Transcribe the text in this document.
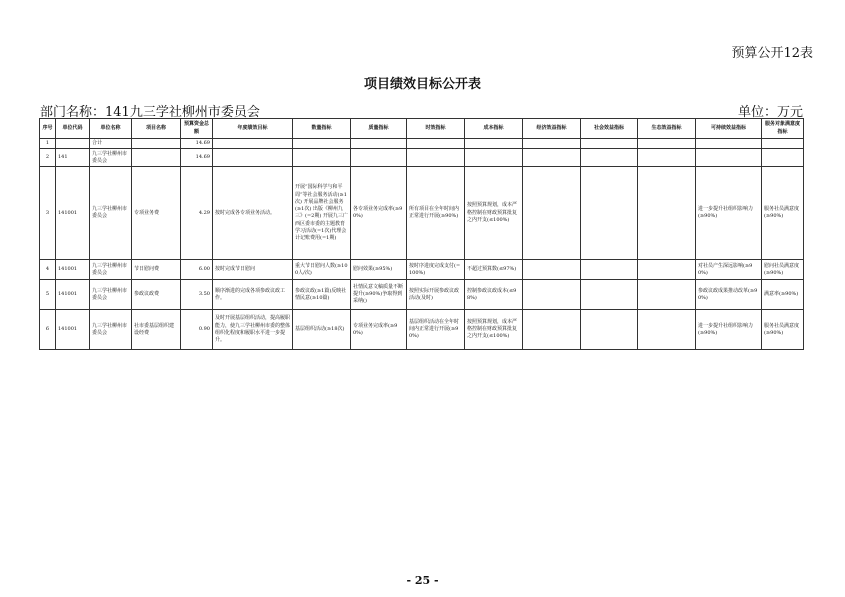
预算公开12表
项目绩效目标公开表
部门名称：141九三学社柳州市委员会	单位：万元
序号	单位代码	单位名称	项目名称	预算资金总额	年度绩效目标	数量指标	质量指标	时效指标	成本指标	经济效益指标	社会效益指标	生态效益指标	可持续效益指标	服务对象满意度指标
1		合计		14.69										
2	141	九三学社柳州市委员会		14.69										
3	141001	九三学社柳州市委员会	专项业务费	4.29	按时完成各专项业务活动。	开展“国际科学与和平周”等社会服务活动(≥1次) 开展品牌社会服务(≥1次) 出版《柳州九三》(=2期) 开展九三广西区委市委的主题教育学习活动(=1次)代理会计记账费用(=1期)	各专项业务完成率(≥90%)	所有项目在全年时间内正常进行开展(≥90%)	按照预算规划，成本严格控制在财政预算批复之内开支(≤100%)				进一步提升社组织影响力(≥90%)	服务社员满意度(≥90%)
4	141001	九三学社柳州市委员会	节日慰问费	6.00	按时完成节日慰问	重大节日慰问人数(≥100人/次)	慰问效果(≥95%)	按时序进度完成支付(=100%)	不超过预算数(≤97%)				对社员产生深远影响(≥90%)	慰问社员满意度(≥90%)
5	141001	九三学社柳州市委员会	参政议政费	3.50	顺序渐进的完成各项参政议政工作。	参政议政(≥1篇)反映社情民意(≥10篇)	社情民意文稿质量不断提升(≥90%)争取得到采纳()	按照实际开展参政议政活动(及时)	控制参政议政成本(≤98%)				参政议政成果推动改革(≥90%)	满意率(≥90%)
6	141001	九三学社柳州市委员会	社市委基层组织建设经费	0.90	及时开展基层组织活动，提高履职能力，使九三学社柳州市委的整体组织化程度和履职水平进一步提升。	基层组织活动(≥18次)	专项业务完成率(≥90%)	基层组织活动在全年时间内正常进行开展(≥90%)	按照预算规划，成本严格控制在财政预算批复之内开支(≤100%)				进一步提升社组织影响力(≥90%)	服务社员满意度(≥90%)
- 25 -
